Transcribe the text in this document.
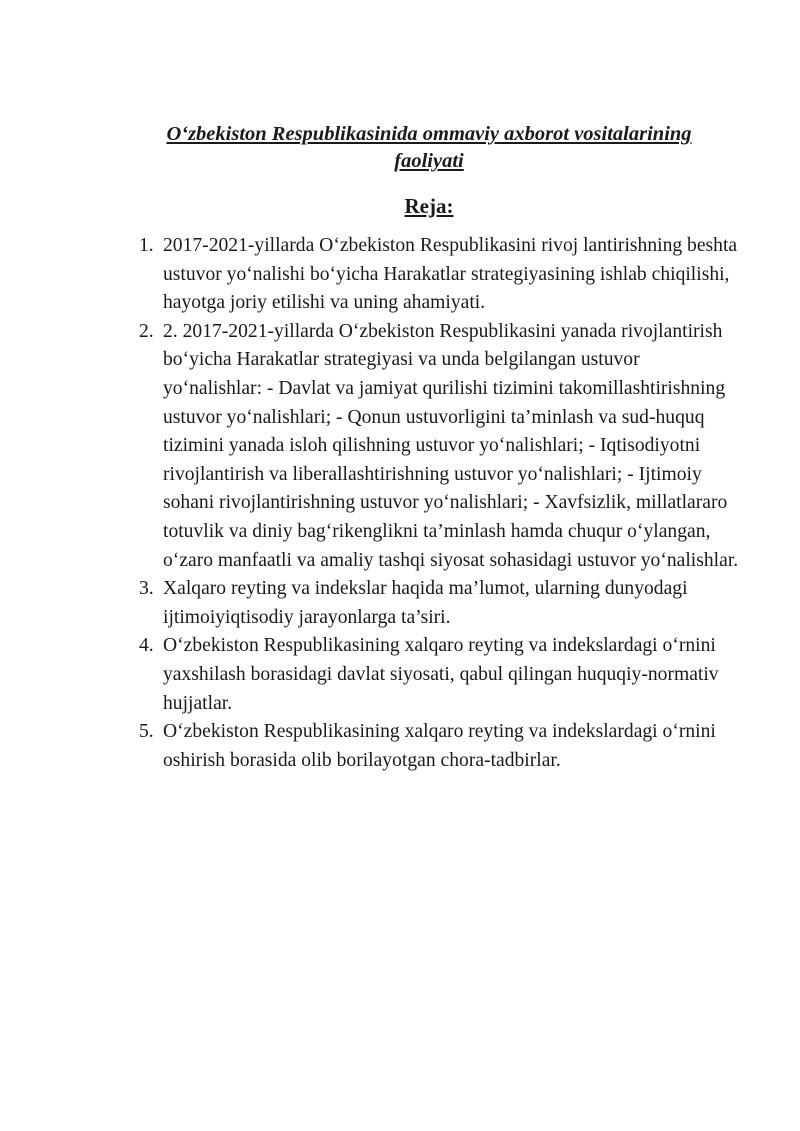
O‘zbekiston Respublikasinida ommaviy axborot vositalarining faoliyati
Reja:
1. 2017-2021-yillarda O‘zbekiston Respublikasini rivoj lantirishning beshta ustuvor yo‘nalishi bo‘yicha Harakatlar strategiyasining ishlab chiqilishi, hayotga joriy etilishi va uning ahamiyati.
2. 2. 2017-2021-yillarda O‘zbekiston Respublikasini yanada rivojlantirish bo‘yicha Harakatlar strategiyasi va unda belgilangan ustuvor yo‘nalishlar: - Davlat va jamiyat qurilishi tizimini takomillashtirishning ustuvor yo‘nalishlari; - Qonun ustuvorligini ta’minlash va sud-huquq tizimini yanada isloh qilishning ustuvor yo‘nalishlari; - Iqtisodiyotni rivojlantirish va liberallashtirishning ustuvor yo‘nalishlari; - Ijtimoiy sohani rivojlantirishning ustuvor yo‘nalishlari; - Xavfsizlik, millatlararo totuvlik va diniy bag‘rikenglikni ta’minlash hamda chuqur o‘ylangan, o‘zaro manfaatli va amaliy tashqi siyosat sohasidagi ustuvor yo‘nalishlar.
3. Xalqaro reyting va indekslar haqida ma’lumot, ularning dunyodagi ijtimoiyiqtisodiy jarayonlarga ta’siri.
4. O‘zbekiston Respublikasining xalqaro reyting va indekslardagi o‘rnini yaxshilash borasidagi davlat siyosati, qabul qilingan huquqiy-normativ hujjatlar.
5. O‘zbekiston Respublikasining xalqaro reyting va indekslardagi o‘rnini oshirish borasida olib borilayotgan chora-tadbirlar.
